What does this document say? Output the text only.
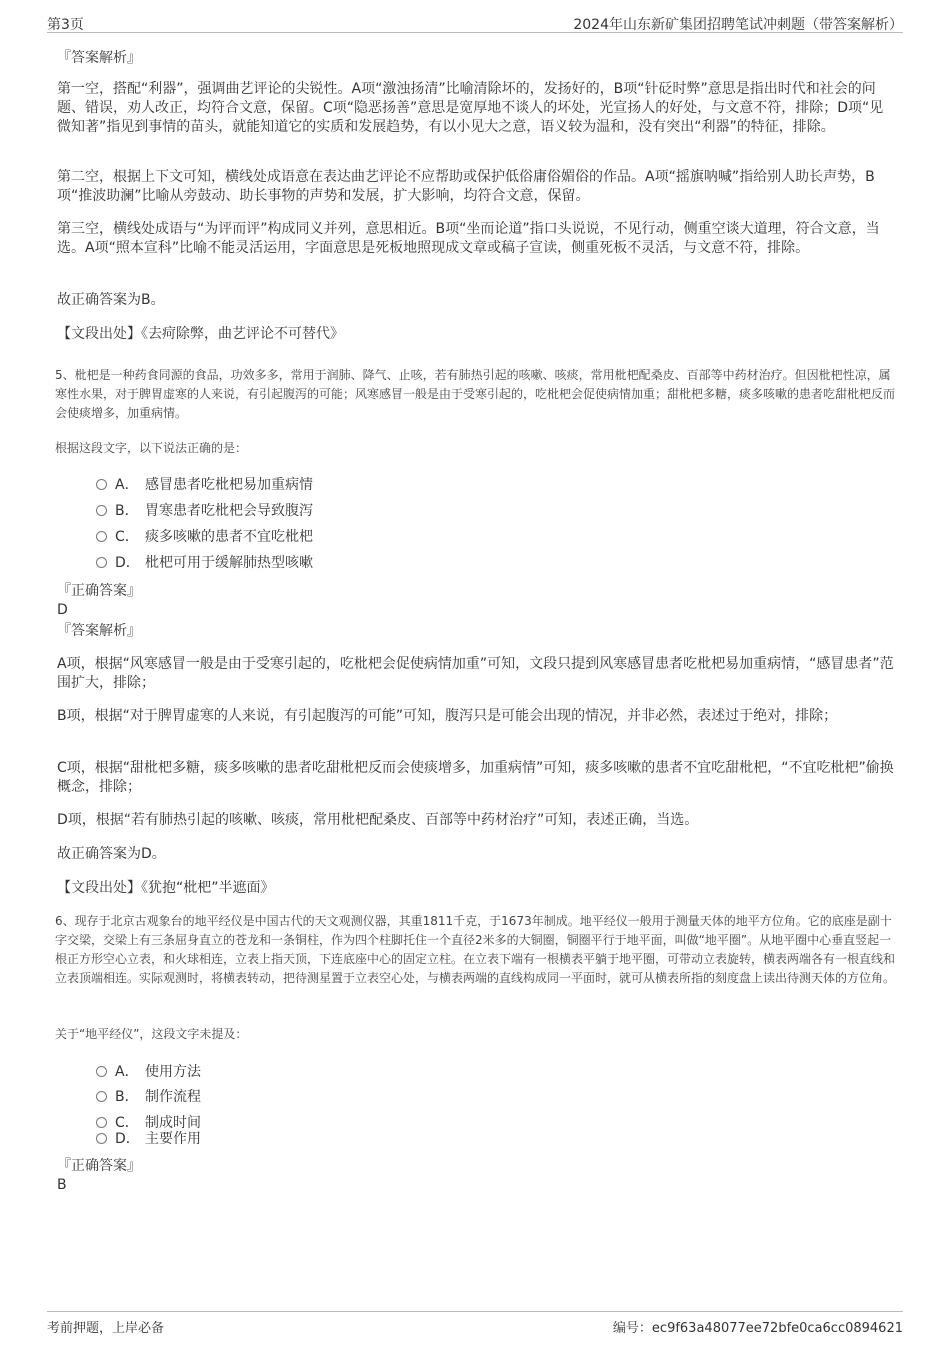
第3页	2024年山东新矿集团招聘笔试冲刺题（带答案解析）
『答案解析』
第一空，搭配“利器”，强调曲艺评论的尖锐性。A项“激浊扬清”比喻清除坏的，发扬好的，B项“针砭时弊”意思是指出时代和社会的问题、错误，劝人改正，均符合文意，保留。C项“隐恶扬善”意思是宽厚地不谈人的坏处，光宣扬人的好处，与文意不符，排除；D项“见微知著”指见到事情的苗头，就能知道它的实质和发展趋势，有以小见大之意，语义较为温和，没有突出“利器”的特征，排除。
第二空，根据上下文可知，横线处成语意在表达曲艺评论不应帮助或保护低俗庸俗媚俗的作品。A项“摇旗呐喊”指给别人助长声势，B项“推波助澜”比喻从旁鼓动、助长事物的声势和发展，扩大影响，均符合文意，保留。
第三空，横线处成语与“为评而评”构成同义并列，意思相近。B项“坐而论道”指口头说说，不见行动，侧重空谈大道理，符合文意，当选。A项“照本宣科”比喻不能灵活运用，字面意思是死板地照现成文章或稿子宣读，侧重死板不灵活，与文意不符，排除。
故正确答案为B。
【文段出处】《去疴除弊，曲艺评论不可替代》
5、枇杷是一种药食同源的食品，功效多多，常用于润肺、降气、止咳，若有肺热引起的咳嗽、咳痰，常用枇杷配桑皮、百部等中药材治疗。但因枇杷性凉，属寒性水果，对于脾胃虚寒的人来说，有引起腹泻的可能；风寒感冒一般是由于受寒引起的，吃枇杷会促使病情加重；甜枇杷多糖，痰多咳嗽的患者吃甜枇杷反而会使痰增多，加重病情。
根据这段文字，以下说法正确的是：
A． 感冒患者吃枇杷易加重病情
B． 胃寒患者吃枇杷会导致腹泻
C． 痰多咳嗽的患者不宜吃枇杷
D． 枇杷可用于缓解肺热型咳嗽
『正确答案』
D
『答案解析』
A项，根据“风寒感冒一般是由于受寒引起的，吃枇杷会促使病情加重”可知，文段只提到风寒感冒患者吃枇杷易加重病情，“感冒患者”范围扩大，排除；
B项，根据“对于脾胃虚寒的人来说，有引起腹泻的可能”可知，腹泻只是可能会出现的情况，并非必然，表述过于绝对，排除；
C项，根据“甜枇杷多糖，痰多咳嗽的患者吃甜枇杷反而会使痰增多，加重病情”可知，痰多咳嗽的患者不宜吃甜枇杷，“不宜吃枇杷”偷换概念，排除；
D项，根据“若有肺热引起的咳嗽、咳痰，常用枇杷配桑皮、百部等中药材治疗”可知，表述正确，当选。
故正确答案为D。
【文段出处】《犹抱“枇杷”半遮面》
6、现存于北京古观象台的地平经仪是中国古代的天文观测仪器，其重1811千克，于1673年制成。地平经仪一般用于测量天体的地平方位角。它的底座是副十字交梁，交梁上有三条屈身直立的苍龙和一条铜柱，作为四个柱脚托住一个直径2米多的大铜圈，铜圈平行于地平面，叫做“地平圈”。从地平圈中心垂直竖起一根正方形空心立表，和火球相连，立表上指天顶，下连底座中心的固定立柱。在立表下端有一根横表平躺于地平圈，可带动立表旋转，横表两端各有一根直线和立表顶端相连。实际观测时，将横表转动，把待测星置于立表空心处，与横表两端的直线构成同一平面时，就可从横表所指的刻度盘上读出待测天体的方位角。
关于“地平经仪”，这段文字未提及：
A． 使用方法
B． 制作流程
C． 制成时间
D． 主要作用
『正确答案』
B
考前押题，上岸必备	编号：ec9f63a48077ee72bfe0ca6cc0894621
